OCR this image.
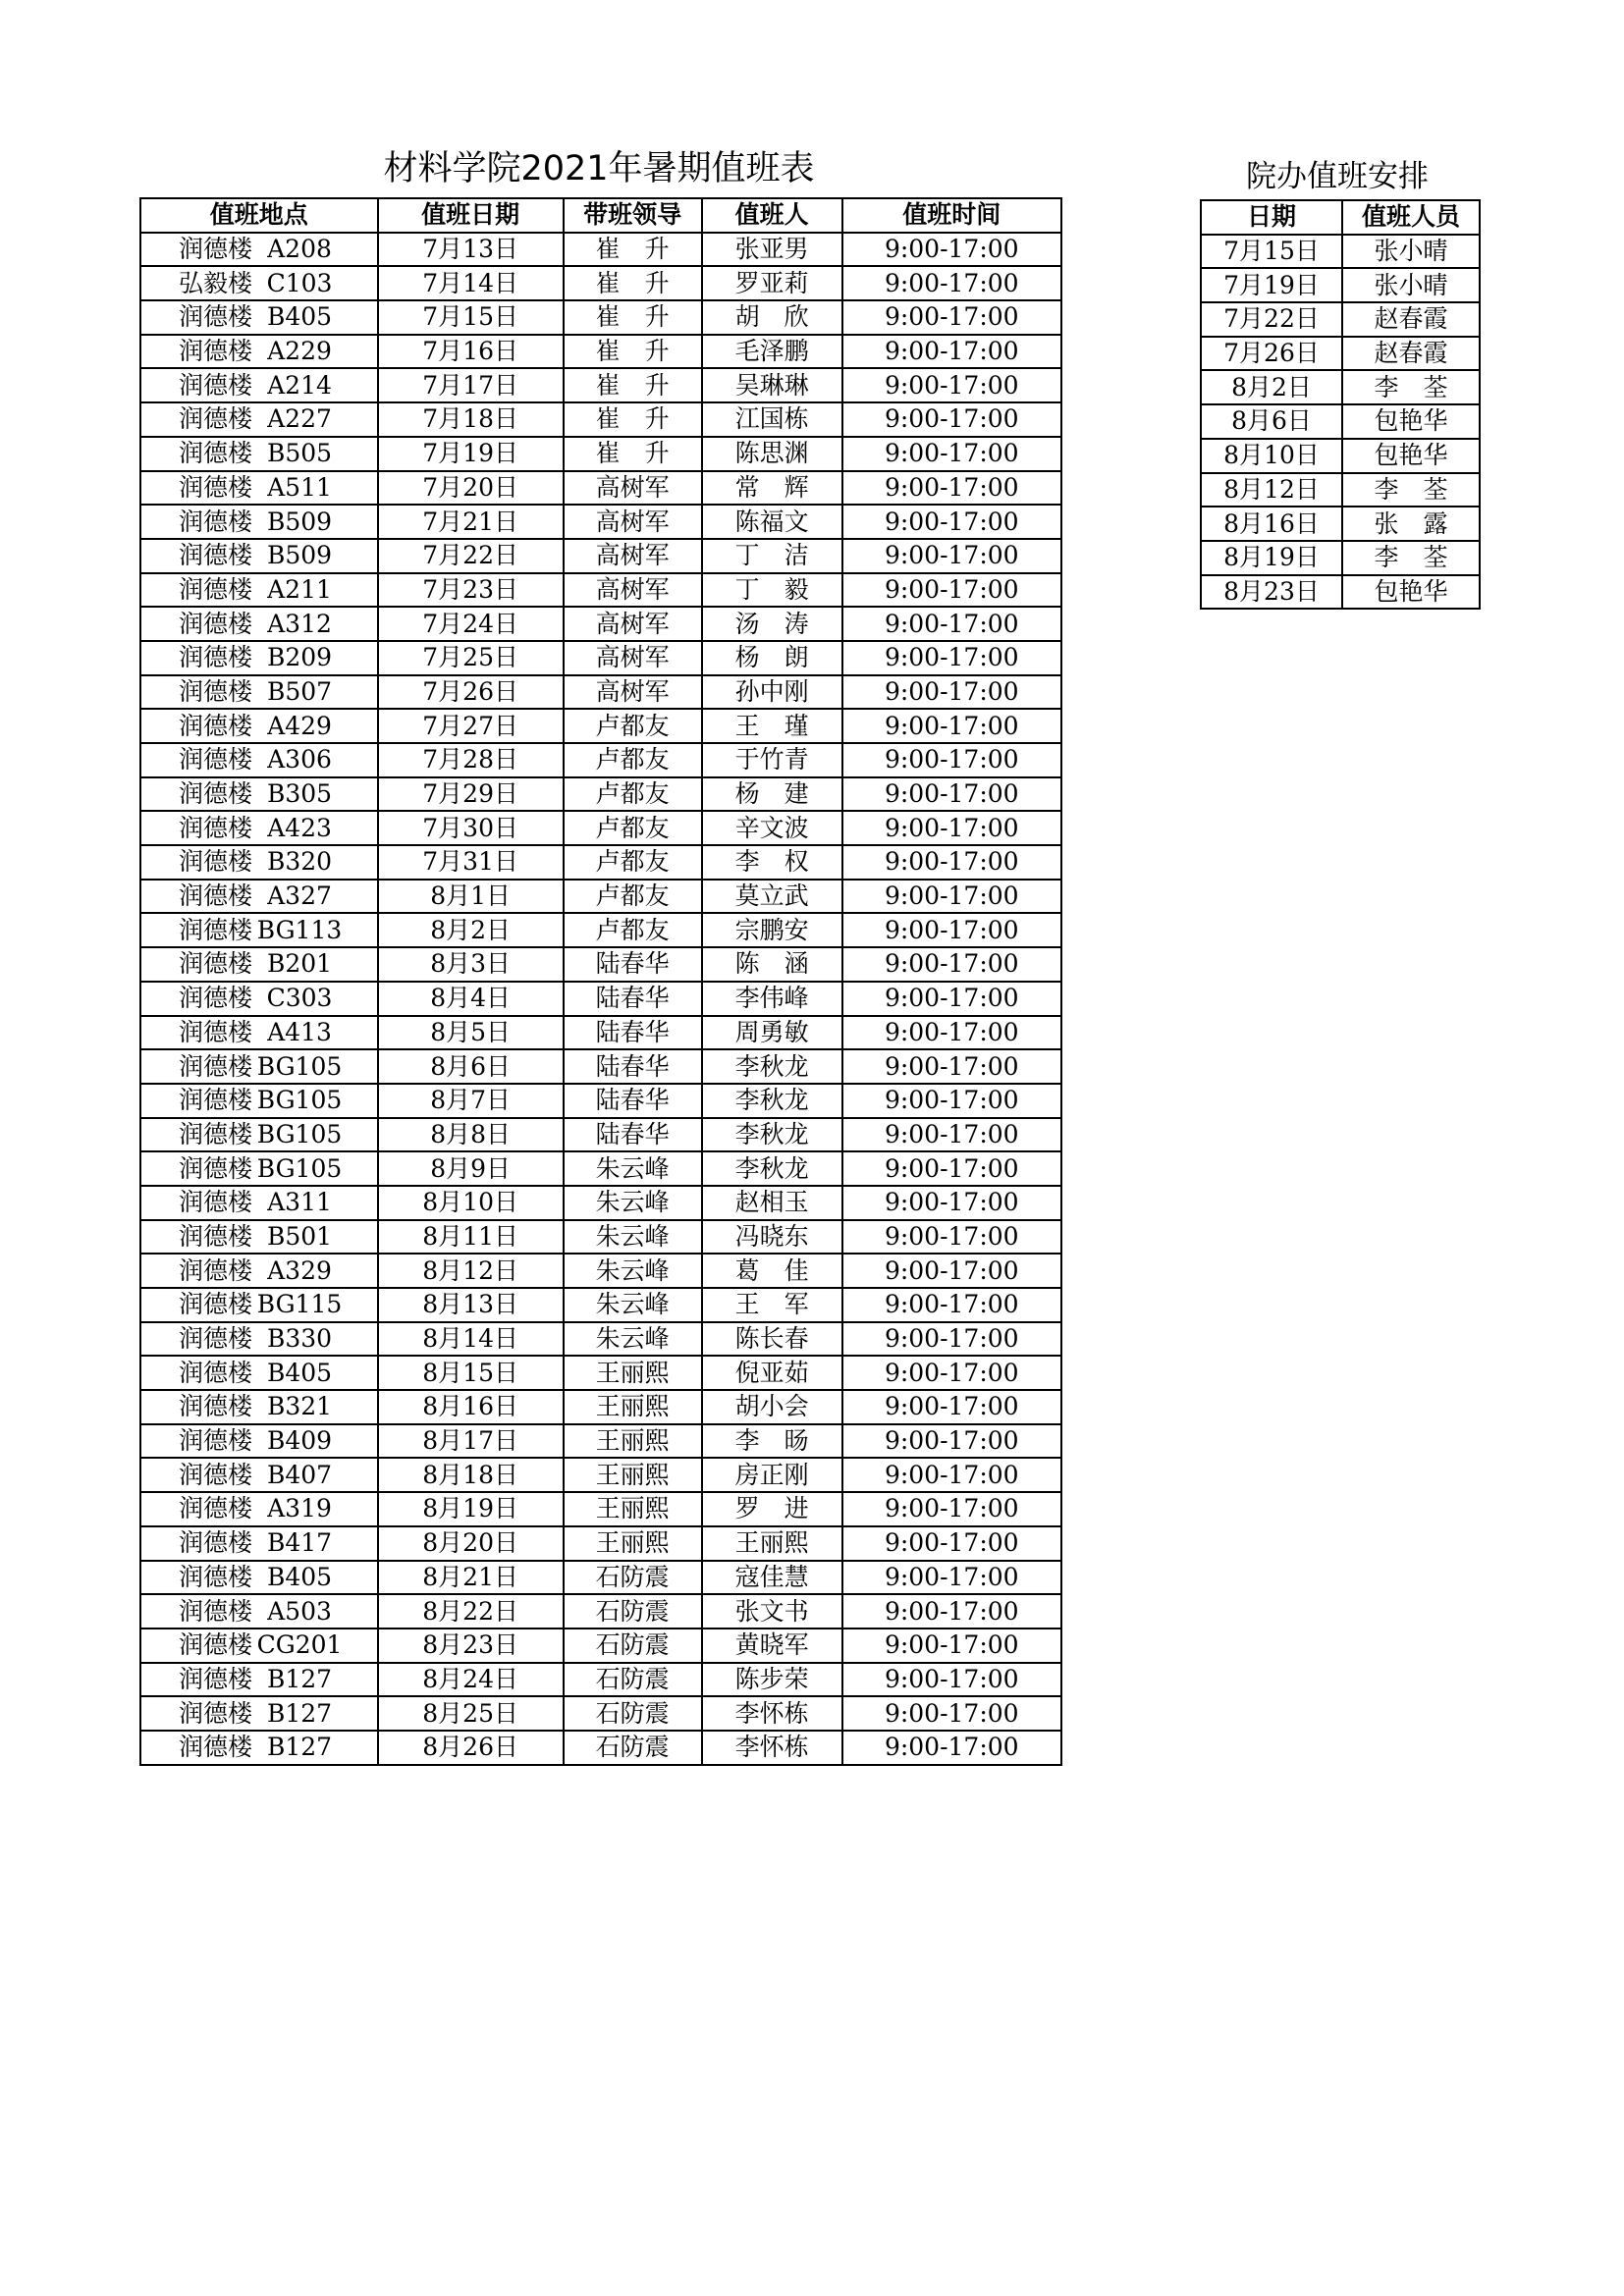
材料学院2021年暑期值班表
值班地点	值班日期	带班领导	值班人	值班时间
润德楼 A208	7月13日	崔　升	张亚男	9:00-17:00
弘毅楼 C103	7月14日	崔　升	罗亚莉	9:00-17:00
润德楼 B405	7月15日	崔　升	胡　欣	9:00-17:00
润德楼 A229	7月16日	崔　升	毛泽鹏	9:00-17:00
润德楼 A214	7月17日	崔　升	吴琳琳	9:00-17:00
润德楼 A227	7月18日	崔　升	江国栋	9:00-17:00
润德楼 B505	7月19日	崔　升	陈思渊	9:00-17:00
润德楼 A511	7月20日	高树军	常　辉	9:00-17:00
润德楼 B509	7月21日	高树军	陈福文	9:00-17:00
润德楼 B509	7月22日	高树军	丁　洁	9:00-17:00
润德楼 A211	7月23日	高树军	丁　毅	9:00-17:00
润德楼 A312	7月24日	高树军	汤　涛	9:00-17:00
润德楼 B209	7月25日	高树军	杨　朗	9:00-17:00
润德楼 B507	7月26日	高树军	孙中刚	9:00-17:00
润德楼 A429	7月27日	卢都友	王　瑾	9:00-17:00
润德楼 A306	7月28日	卢都友	于竹青	9:00-17:00
润德楼 B305	7月29日	卢都友	杨　建	9:00-17:00
润德楼 A423	7月30日	卢都友	辛文波	9:00-17:00
润德楼 B320	7月31日	卢都友	李　权	9:00-17:00
润德楼 A327	8月1日	卢都友	莫立武	9:00-17:00
润德楼 BG113	8月2日	卢都友	宗鹏安	9:00-17:00
润德楼 B201	8月3日	陆春华	陈　涵	9:00-17:00
润德楼 C303	8月4日	陆春华	李伟峰	9:00-17:00
润德楼 A413	8月5日	陆春华	周勇敏	9:00-17:00
润德楼 BG105	8月6日	陆春华	李秋龙	9:00-17:00
润德楼 BG105	8月7日	陆春华	李秋龙	9:00-17:00
润德楼 BG105	8月8日	陆春华	李秋龙	9:00-17:00
润德楼 BG105	8月9日	朱云峰	李秋龙	9:00-17:00
润德楼 A311	8月10日	朱云峰	赵相玉	9:00-17:00
润德楼 B501	8月11日	朱云峰	冯晓东	9:00-17:00
润德楼 A329	8月12日	朱云峰	葛　佳	9:00-17:00
润德楼 BG115	8月13日	朱云峰	王　军	9:00-17:00
润德楼 B330	8月14日	朱云峰	陈长春	9:00-17:00
润德楼 B405	8月15日	王丽熙	倪亚茹	9:00-17:00
润德楼 B321	8月16日	王丽熙	胡小会	9:00-17:00
润德楼 B409	8月17日	王丽熙	李　旸	9:00-17:00
润德楼 B407	8月18日	王丽熙	房正刚	9:00-17:00
润德楼 A319	8月19日	王丽熙	罗　进	9:00-17:00
润德楼 B417	8月20日	王丽熙	王丽熙	9:00-17:00
润德楼 B405	8月21日	石防震	寇佳慧	9:00-17:00
润德楼 A503	8月22日	石防震	张文书	9:00-17:00
润德楼 CG201	8月23日	石防震	黄晓军	9:00-17:00
润德楼 B127	8月24日	石防震	陈步荣	9:00-17:00
润德楼 B127	8月25日	石防震	李怀栋	9:00-17:00
润德楼 B127	8月26日	石防震	李怀栋	9:00-17:00
院办值班安排
日期	值班人员
7月15日	张小晴
7月19日	张小晴
7月22日	赵春霞
7月26日	赵春霞
8月2日	李　荃
8月6日	包艳华
8月10日	包艳华
8月12日	李　荃
8月16日	张　露
8月19日	李　荃
8月23日	包艳华
